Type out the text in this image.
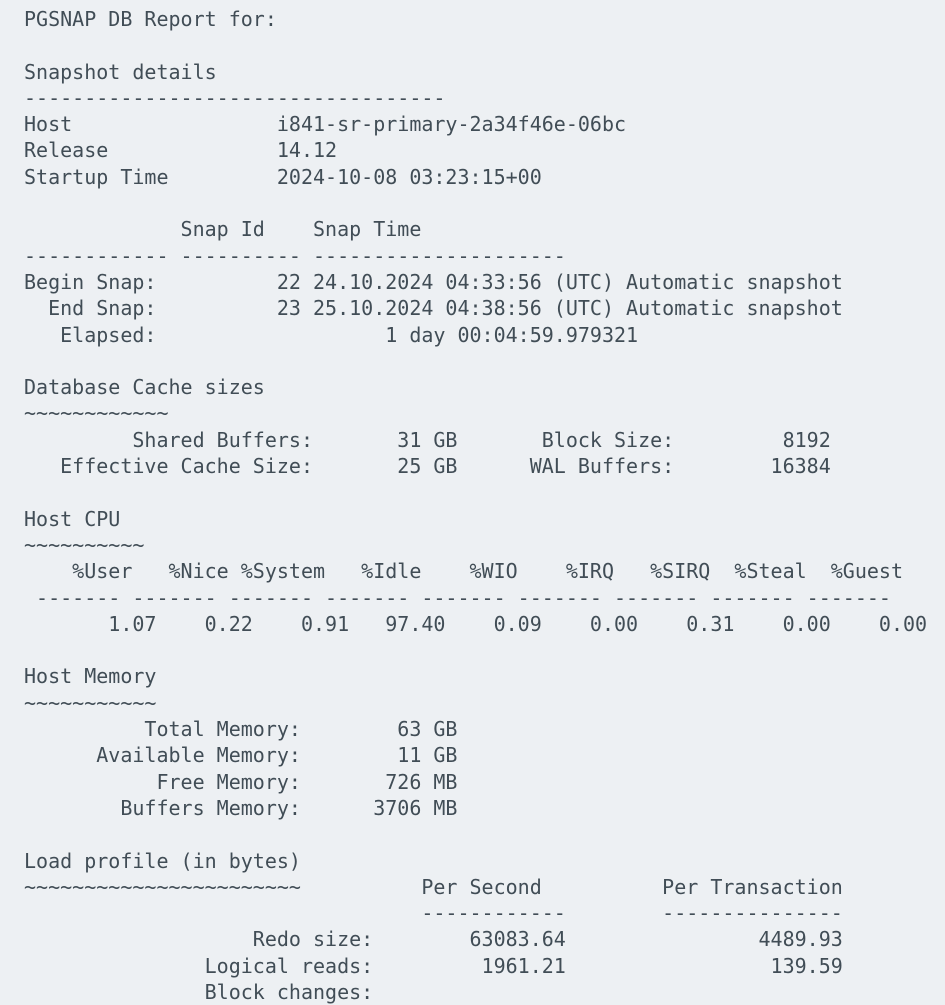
PGSNAP DB Report for:
Snapshot details
-----------------------------------
Host                 i841-sr-primary-2a34f46e-06bc
Release              14.12
Startup Time         2024-10-08 03:23:15+00
Snap Id    Snap Time
------------ ---------- ---------------------
Begin Snap:          22 24.10.2024 04:33:56 (UTC) Automatic snapshot
End Snap:          23 25.10.2024 04:38:56 (UTC) Automatic snapshot
Elapsed:                   1 day 00:04:59.979321
Database Cache sizes
~~~~~~~~~~~~
Shared Buffers:       31 GB       Block Size:         8192
Effective Cache Size:       25 GB      WAL Buffers:        16384
Host CPU
~~~~~~~~~~
%User   %Nice %System   %Idle    %WIO    %IRQ   %SIRQ  %Steal  %Guest
------- ------- ------- ------- ------- ------- ------- ------- -------
1.07    0.22    0.91   97.40    0.09    0.00    0.31    0.00    0.00
Host Memory
~~~~~~~~~~~
Total Memory:        63 GB
Available Memory:        11 GB
Free Memory:       726 MB
Buffers Memory:      3706 MB
Load profile (in bytes)
~~~~~~~~~~~~~~~~~~~~~~~          Per Second          Per Transaction
------------        ---------------
Redo size:        63083.64                4489.93
Logical reads:         1961.21                 139.59
Block changes:
